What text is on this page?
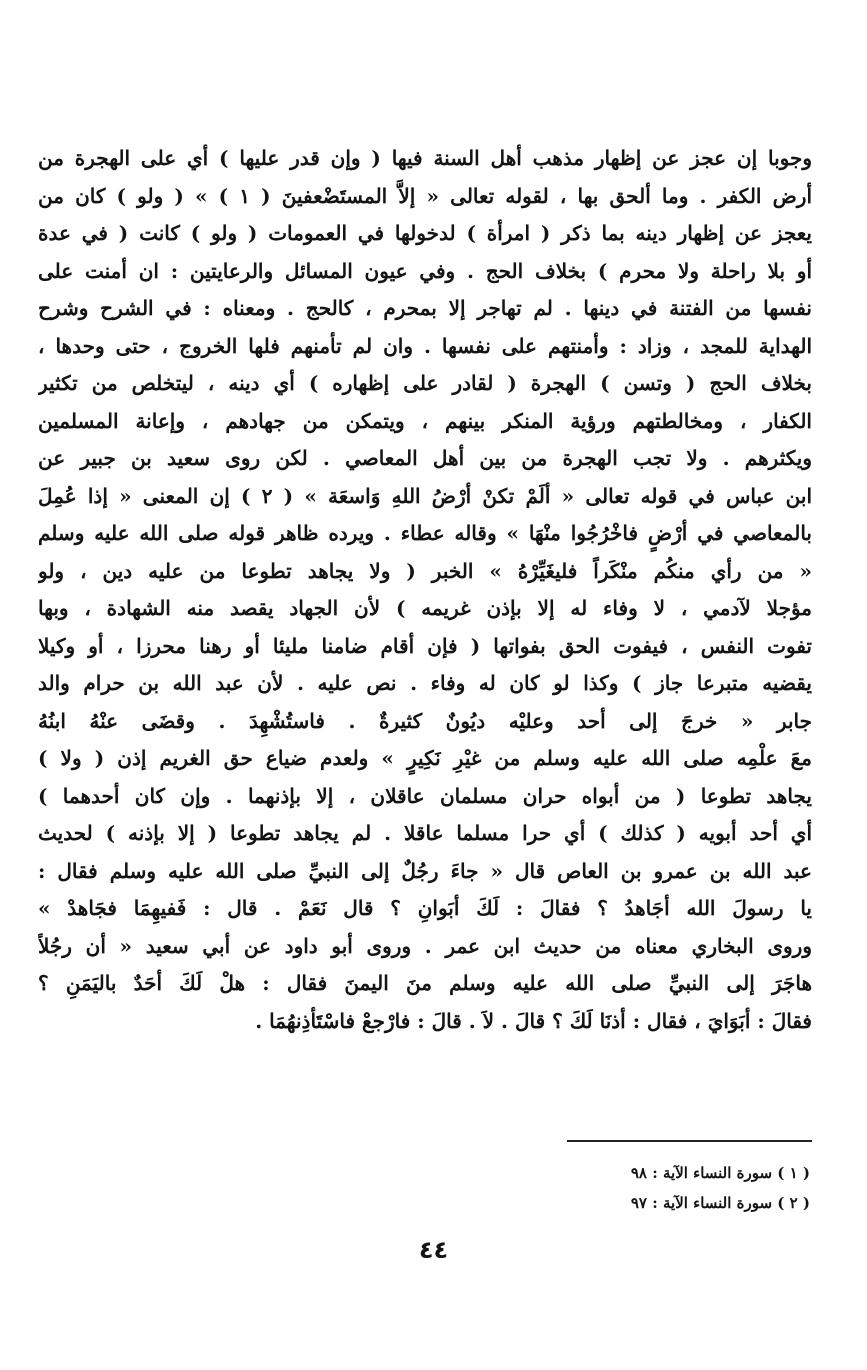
وجوبا إن عجز عن إظهار مذهب أهل السنة فيها ( وإن قدر عليها ) أي على الهجرة من
أرض الكفر . وما ألحق بها ، لقوله تعالى « إلاَّ المستَضْعفينَ ( ١ ) » ( ولو ) كان من
يعجز عن إظهار دينه بما ذكر ( امرأة ) لدخولها في العمومات ( ولو ) كانت ( في عدة
أو بلا راحلة ولا محرم ) بخلاف الحج . وفي عيون المسائل والرعايتين : ان أمنت على
نفسها من الفتنة في دينها . لم تهاجر إلا بمحرم ، كالحج . ومعناه : في الشرح وشرح
الهداية للمجد ، وزاد : وأمنتهم على نفسها . وان لم تأمنهم فلها الخروج ، حتى وحدها ،
بخلاف الحج ( وتسن ) الهجرة ( لقادر على إظهاره ) أي دينه ، ليتخلص من تكثير
الكفار ، ومخالطتهم ورؤية المنكر بينهم ، ويتمكن من جهادهم ، وإعانة المسلمين
ويكثرهم . ولا تجب الهجرة من بين أهل المعاصي . لكن روى سعيد بن جبير عن
ابن عباس في قوله تعالى « ألَمْ تكنْ أرْضُ اللهِ وَاسعَة » ( ٢ ) إن المعنى « إذا عُمِلَ
بالمعاصي في أرْضٍ فاخْرُجُوا منْهَا » وقاله عطاء . ويرده ظاهر قوله صلى الله عليه وسلم
« من رأي منكُم منْكَراً فليغَيِّرْهُ » الخبر ( ولا يجاهد تطوعا من عليه دين ، ولو
مؤجلا لآدمي ، لا وفاء له إلا بإذن غريمه ) لأن الجهاد يقصد منه الشهادة ، وبها
تفوت النفس ، فيفوت الحق بفواتها ( فإن أقام ضامنا مليئا أو رهنا محرزا ، أو وكيلا
يقضيه متبرعا جاز ) وكذا لو كان له وفاء . نص عليه . لأن عبد الله بن حرام والد
جابر « خرجَ إلى أحد وعليْه ديُونٌ كثيرةٌ . فاستُشْهِدَ . وقضَى عنْهُ ابنُهُ
معَ علْمِه صلى الله عليه وسلم من غيْرِ نَكِيرٍ » ولعدم ضياع حق الغريم إذن ( ولا )
يجاهد تطوعا ( من أبواه حران مسلمان عاقلان ، إلا بإذنهما . وإن كان أحدهما )
أي أحد أبويه ( كذلك ) أي حرا مسلما عاقلا . لم يجاهد تطوعا ( إلا بإذنه ) لحديث
عبد الله بن عمرو بن العاص قال « جاءَ رجُلٌ إلى النبيِّ صلى الله عليه وسلم فقال :
يا رسولَ الله أجَاهدُ ؟ فقالَ : لَكَ أبَوانِ ؟ قال نَعَمْ . قال : فَفيهِمَا فجَاهدْ »
وروى البخاري معناه من حديث ابن عمر . وروى أبو داود عن أبي سعيد « أن رجُلاً
هاجَرَ إلى النبيِّ صلى الله عليه وسلم منَ اليمنَ فقال : هلْ لَكَ أحَدٌ باليَمَنِ ؟
فقالَ : أبَوَايَ ، فقال : أذنَا لَكَ ؟ قالَ . لاَ . قالَ : فارْجعْ فاسْتَأذِنهُمَا .
( ١ ) سورة النساء الآية : ٩٨
( ٢ ) سورة النساء الآية : ٩٧
٤٤
